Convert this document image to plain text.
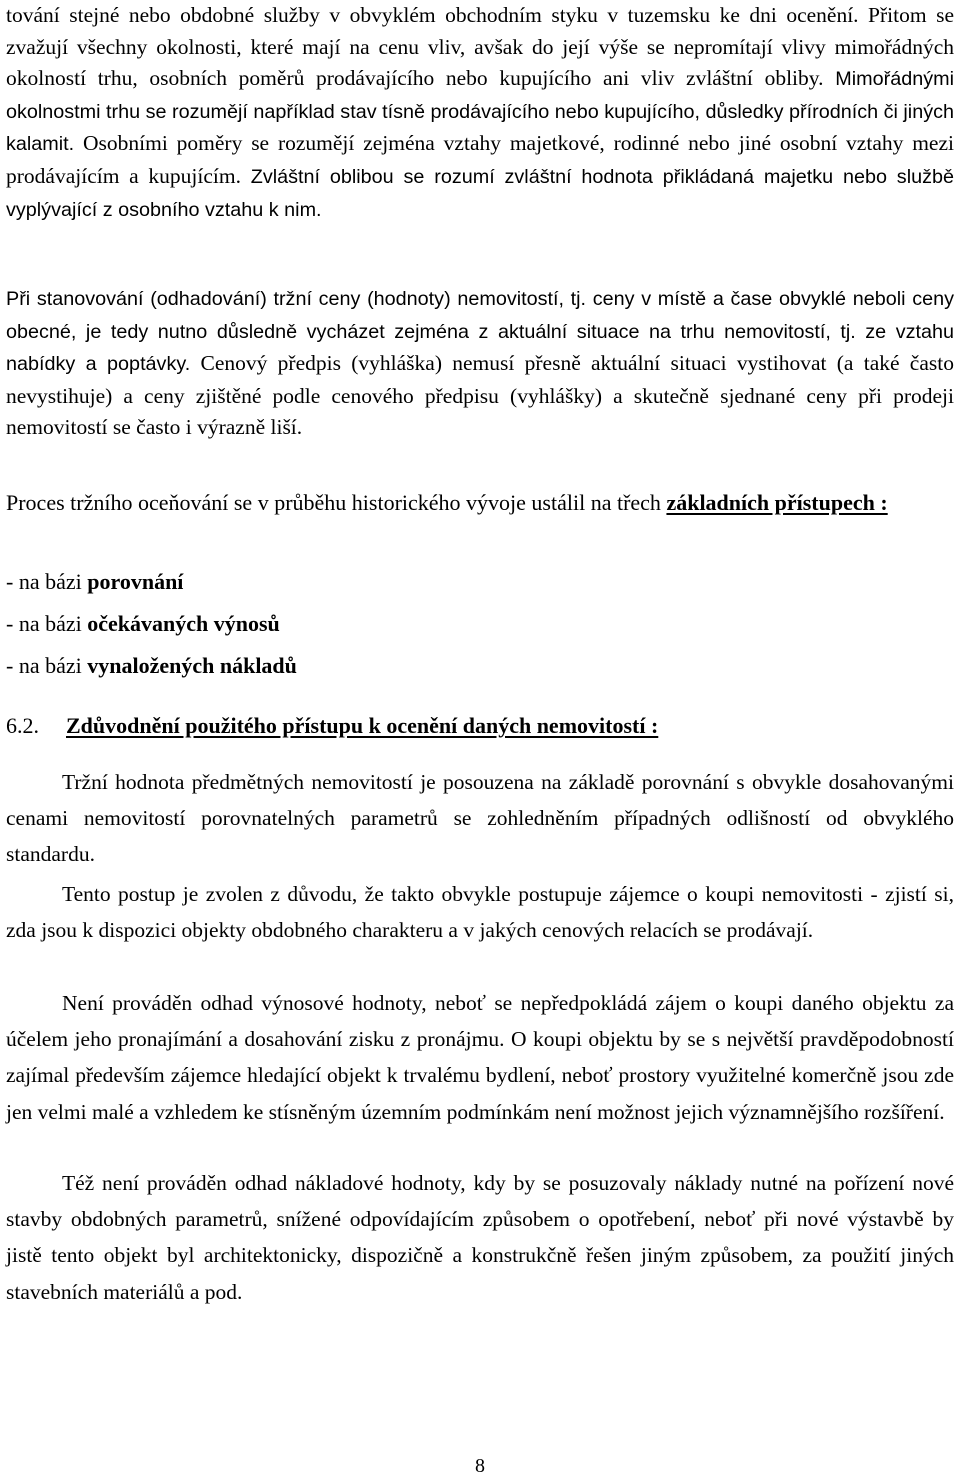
tování stejné nebo obdobné služby v obvyklém obchodním styku v tuzemsku ke dni ocenění. Přitom se zvažují všechny okolnosti, které mají na cenu vliv, avšak do její výše se nepromítají vlivy mimořádných okolností trhu, osobních poměrů prodávajícího nebo kupujícího ani vliv zvláštní obliby. Mimořádnými okolnostmi trhu se rozumějí například stav tísně prodávajícího nebo kupujícího, důsledky přírodních či jiných kalamit. Osobními poměry se rozumějí zejména vztahy majetkové, rodinné nebo jiné osobní vztahy mezi prodávajícím a kupujícím. Zvláštní oblibou se rozumí zvláštní hodnota přikládaná majetku nebo službě vyplývající z osobního vztahu k nim.

Při stanovování (odhadování) tržní ceny (hodnoty) nemovitostí, tj. ceny v místě a čase obvyklé neboli ceny obecné, je tedy nutno důsledně vycházet zejména z aktuální situace na trhu nemovitostí, tj. ze vztahu nabídky a poptávky. Cenový předpis (vyhláška) nemusí přesně aktuální situaci vystihovat (a také často nevystihuje) a ceny zjištěné podle cenového předpisu (vyhlášky) a skutečně sjednané ceny při prodeji nemovitostí se často i výrazně liší.

Proces tržního oceňování se v průběhu historického vývoje ustálil na třech základních přístupech :

- na bázi porovnání

- na bázi očekávaných výnosů

- na bázi vynaložených nákladů

6.2. Zdůvodnění použitého přístupu k ocenění daných nemovitostí :

Tržní hodnota předmětných nemovitostí je posouzena na základě porovnání s obvykle dosahovanými cenami nemovitostí porovnatelných parametrů se zohledněním případných odlišností od obvyklého standardu.

Tento postup je zvolen z důvodu, že takto obvykle postupuje zájemce o koupi nemovitosti - zjistí si, zda jsou k dispozici objekty obdobného charakteru a v jakých cenových relacích se prodávají.

Není prováděn odhad výnosové hodnoty, neboť se nepředpokládá zájem o koupi daného objektu za účelem jeho pronajímání a dosahování zisku z pronájmu. O koupi objektu by se s největší pravděpodobností zajímal především zájemce hledající objekt k trvalému bydlení, neboť prostory využitelné komerčně jsou zde jen velmi malé a vzhledem ke stísněným územním podmínkám není možnost jejich významnějšího rozšíření.

Též není prováděn odhad nákladové hodnoty, kdy by se posuzovaly náklady nutné na pořízení nové stavby obdobných parametrů, snížené odpovídajícím způsobem o opotřebení, neboť při nové výstavbě by jistě tento objekt byl architektonicky, dispozičně a konstrukčně řešen jiným způsobem, za použití jiných stavebních materiálů a pod.

8
